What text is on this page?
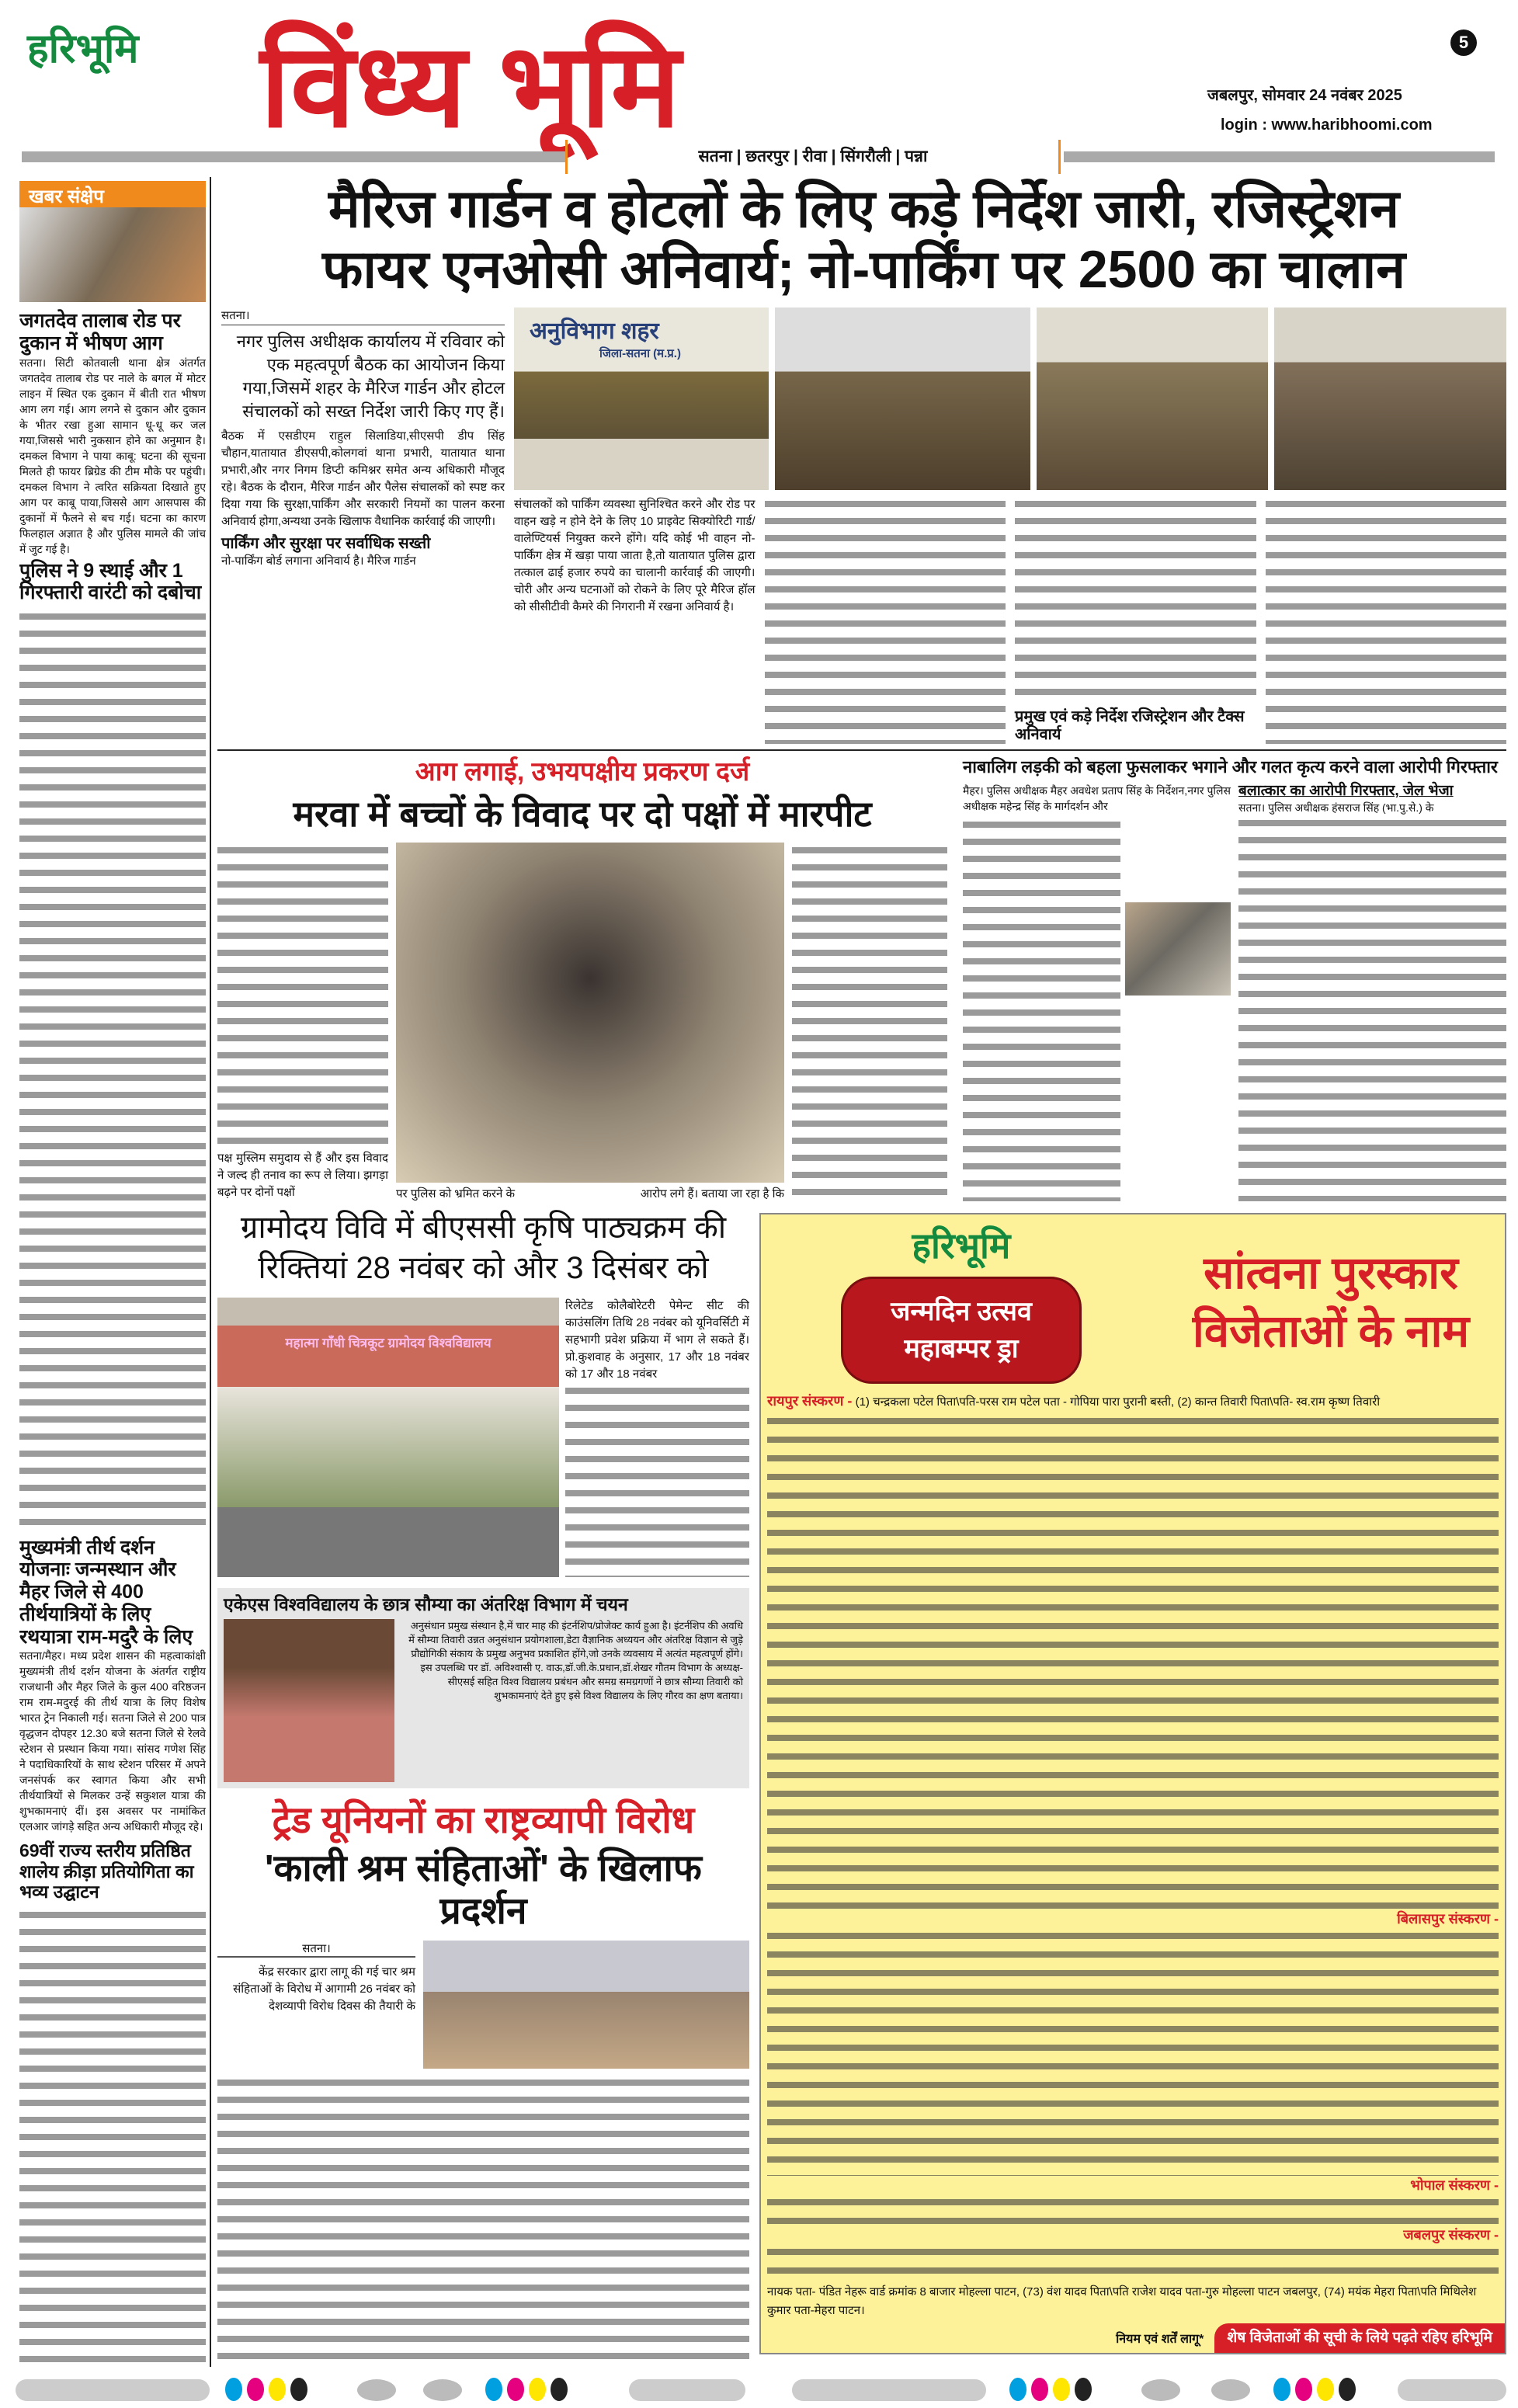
हरिभूमि विंध्य भूमि	5
जबलपुर, सोमवार 24 नवंबर 2025
login : www.haribhoomi.com
सतना | छतरपुर | रीवा | सिंगरौली | पन्ना
खबर संक्षेप
जगतदेव तालाब रोड पर दुकान में भीषण आग

सतना। सिटी कोतवाली थाना क्षेत्र अंतर्गत जगतदेव तालाब रोड पर नाले के बगल में मोटर लाइन में स्थित एक दुकान में बीती रात भीषण आग लग गई। आग लगने से दुकान और दुकान के भीतर रखा हुआ सामान धू-धू कर जल गया,जिससे भारी नुकसान होने का अनुमान है। दमकल विभाग ने पाया काबू: घटना की सूचना मिलते ही फायर ब्रिग्रेड की टीम मौके पर पहुंची। दमकल विभाग ने त्वरित सक्रियता दिखाते हुए आग पर काबू पाया,जिससे आग आसपास की दुकानों में फैलने से बच गई। घटना का कारण फिलहाल अज्ञात है और पुलिस मामले की जांच में जुट गई है।

पुलिस ने 9 स्थाई और 1 गिरफ्तारी वारंटी को दबोचा
मुख्यमंत्री तीर्थ दर्शन योजनाः जन्मस्थान और मैहर जिले से 400 तीर्थयात्रियों के लिए रथयात्रा राम-मदुरै के लिए

सतना/मैहर। मध्य प्रदेश शासन की महत्वाकांक्षी मुख्यमंत्री तीर्थ दर्शन योजना के अंतर्गत राष्ट्रीय राजधानी और मैहर जिले के कुल 400 वरिष्ठजन राम राम-मदुरई की तीर्थ यात्रा के लिए विशेष भारत ट्रेन निकाली गई। सतना जिले से 200 पात्र वृद्धजन दोपहर 12.30 बजे सतना जिले से रेलवे स्टेशन से प्रस्थान किया गया। सांसद गणेश सिंह ने पदाधिकारियों के साथ स्टेशन परिसर में अपने जनसंपर्क कर स्वागत किया और सभी तीर्थयात्रियों से मिलकर उन्हें सकुशल यात्रा की शुभकामनाएं दीं। इस अवसर पर नामांकित एलआर जांगड़े सहित अन्य अधिकारी मौजूद रहे।

69वीं राज्य स्तरीय प्रतिष्ठित शालेय क्रीड़ा प्रतियोगिता का भव्य उद्घाटन
मैरिज गार्डन व होटलों के लिए कड़े निर्देश जारी, रजिस्ट्रेशन
फायर एनओसी अनिवार्य; नो-पार्किंग पर 2500 का चालान
सतना।

नगर पुलिस अधीक्षक कार्यालय में रविवार को एक महत्वपूर्ण बैठक का आयोजन किया गया,जिसमें शहर के मैरिज गार्डन और होटल संचालकों को सख्त निर्देश जारी किए गए हैं।

बैठक में एसडीएम राहुल सिलाडिया,सीएसपी डीप सिंह चौहान,यातायात डीएसपी,कोलगवां थाना प्रभारी, यातायात थाना प्रभारी,और नगर निगम डिप्टी कमिश्नर समेत अन्य अधिकारी मौजूद रहे। बैठक के दौरान, मैरिज गार्डन और पैलेस संचालकों को स्पष्ट कर दिया गया कि सुरक्षा,पार्किंग और सरकारी नियमों का पालन करना अनिवार्य होगा,अन्यथा उनके खिलाफ वैधानिक कार्रवाई की जाएगी।

पार्किंग और सुरक्षा पर सर्वाधिक सख्ती

नो-पार्किंग बोर्ड लगाना अनिवार्य है। मैरिज गार्डन

अनुविभाग शहर
जिला-सतना (म.प्र.)

संचालकों को पार्किंग व्यवस्था सुनिश्चित करने और रोड पर वाहन खड़े न होने देने के लिए 10 प्राइवेट सिक्योरिटी गार्ड/वालेण्टियर्स नियुक्त करने होंगे। यदि कोई भी वाहन नो-पार्किंग क्षेत्र में खड़ा पाया जाता है,तो यातायात पुलिस द्वारा तत्काल ढाई हजार रुपये का चालानी कार्रवाई की जाएगी। चोरी और अन्य घटनाओं को रोकने के लिए पूरे मैरिज हॉल को सीसीटीवी कैमरे की निगरानी में रखना अनिवार्य है।

प्रमुख एवं कड़े निर्देश रजिस्ट्रेशन और टैक्स अनिवार्य
आग लगाई, उभयपक्षीय प्रकरण दर्ज
मरवा में बच्चों के विवाद पर दो पक्षों में मारपीट

पक्ष मुस्लिम समुदाय से हैं और इस विवाद ने जल्द ही तनाव का रूप ले लिया। झगड़ा बढ़ने पर दोनों पक्षों	पर पुलिस को भ्रमित करने के	आरोप लगे हैं। बताया जा रहा है कि
नाबालिग लड़की को बहला फुसलाकर भगाने और गलत कृत्य करने वाला आरोपी गिरफ्तार

मैहर। पुलिस अधीक्षक मैहर अवधेश प्रताप सिंह के निर्देशन,नगर पुलिस अधीक्षक महेन्द्र सिंह के मार्गदर्शन और

बलात्कार का आरोपी गिरफ्तार, जेल भेजा

सतना। पुलिस अधीक्षक हंसराज सिंह (भा.पु.से.) के

ग्रामोदय विवि में बीएससी कृषि पाठ्यक्रम की रिक्तियां 28 नवंबर को और 3 दिसंबर को
महात्मा गाँधी चित्रकूट ग्रामोदय विश्वविद्यालय

रिलेटेड कोलैबोरेटरी पेमेन्ट सीट की काउंसलिंग तिथि 28 नवंबर को यूनिवर्सिटी में सहभागी प्रवेश प्रक्रिया में भाग ले सकते हैं। प्रो.कुशवाह के अनुसार, 17 और 18 नवंबर को 17 और 18 नवंबर

एकेएस विश्वविद्यालय के छात्र सौम्या का अंतरिक्ष विभाग में चयन

अनुसंधान प्रमुख संस्थान है,में चार माह की इंटर्नशिप/प्रोजेक्ट कार्य हुआ है। इंटर्नशिप की अवधि में सौम्या तिवारी उन्नत अनुसंधान प्रयोगशाला,डेटा वैज्ञानिक अध्ययन और अंतरिक्ष विज्ञान से जुड़े प्रौद्योगिकी संकाय के प्रमुख अनुभव प्रकाशित होंगे,जो उनके व्यवसाय में अत्यंत महत्वपूर्ण होंगे। इस उपलब्धि पर डॉ. अविश्वासी ए. वाऊ,डॉ.जी.के.प्रधान,डॉ.शेखर गौतम विभाग के अध्यक्ष-सीएसई सहित विश्व विद्यालय प्रबंधन और समग्र समग्रगणों ने छात्र सौम्या तिवारी को शुभकामनाएं देते हुए इसे विश्व विद्यालय के लिए गौरव का क्षण बताया।

ट्रेड यूनियनों का राष्ट्रव्यापी विरोध
'काली श्रम संहिताओं' के खिलाफ प्रदर्शन
सतना।

केंद्र सरकार द्वारा लागू की गई चार श्रम संहिताओं के विरोध में आगामी 26 नवंबर को देशव्यापी विरोध दिवस की तैयारी के

हरिभूमि
जन्मदिन उत्सव
महाबम्पर ड्रा
सांत्वना पुरस्कार
विजेताओं के नाम
रायपुर संस्करण - (1) चन्द्रकला पटेल पिता\पति-परस राम पटेल पता - गोपिया पारा पुरानी बस्ती, (2) कान्त तिवारी पिता\पति- स्व.राम कृष्ण तिवारी
बिलासपुर संस्करण -
भोपाल संस्करण -
जबलपुर संस्करण -

नायक पता- पंडित नेहरू वार्ड क्रमांक 8 बाजार मोहल्ला पाटन, (73) वंश यादव पिता\पति राजेश यादव पता-गुरु मोहल्ला पाटन जबलपुर, (74) मयंक मेहरा पिता\पति मिथिलेश कुमार पता-मेहरा पाटन।

नियम एवं शर्तें लागू*	शेष विजेताओं की सूची के लिये पढ़ते रहिए हरिभूमि
